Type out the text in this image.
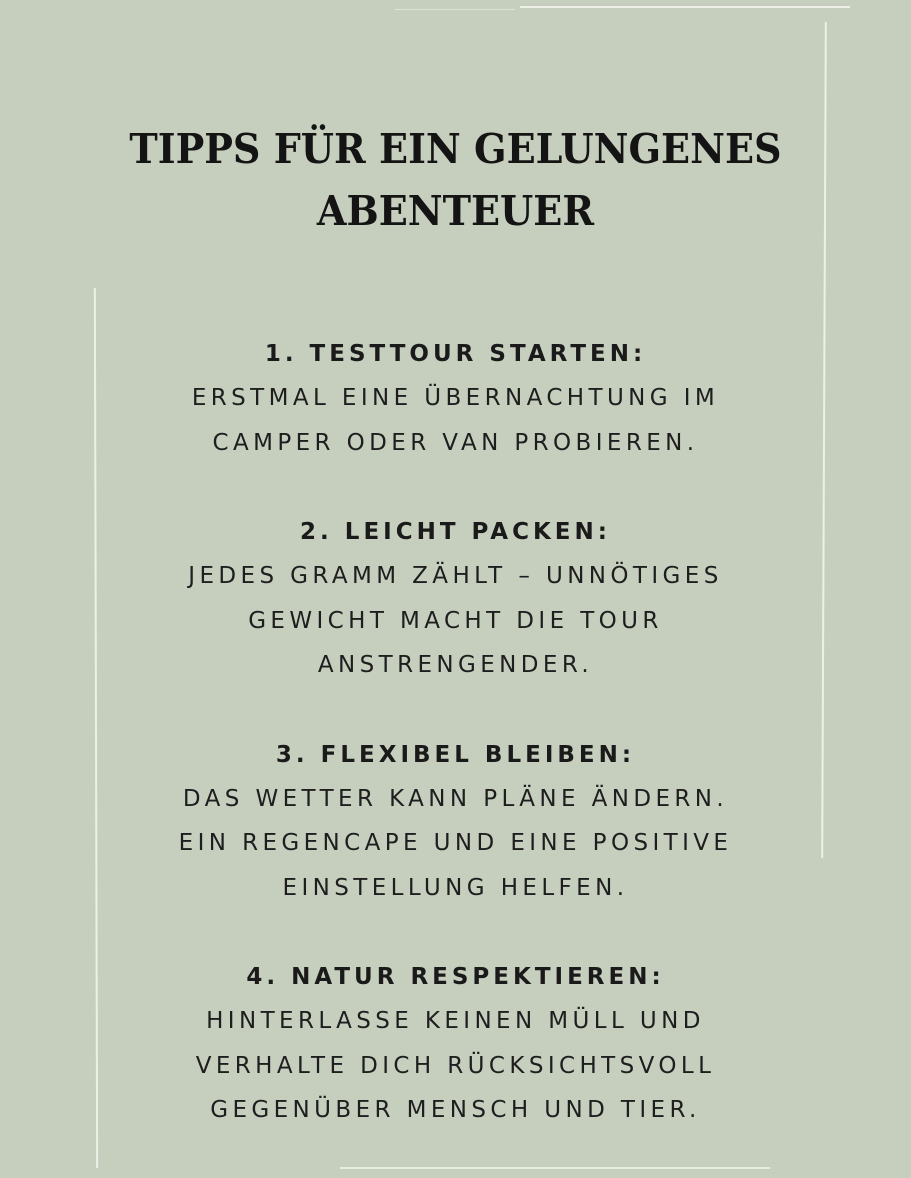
TIPPS FÜR EIN GELUNGENES
ABENTEUER
1. TESTTOUR STARTEN:
ERSTMAL EINE ÜBERNACHTUNG IM
CAMPER ODER VAN PROBIEREN.
2. LEICHT PACKEN:
JEDES GRAMM ZÄHLT – UNNÖTIGES
GEWICHT MACHT DIE TOUR
ANSTRENGENDER.
3. FLEXIBEL BLEIBEN:
DAS WETTER KANN PLÄNE ÄNDERN.
EIN REGENCAPE UND EINE POSITIVE
EINSTELLUNG HELFEN.
4. NATUR RESPEKTIEREN:
HINTERLASSE KEINEN MÜLL UND
VERHALTE DICH RÜCKSICHTSVOLL
GEGENÜBER MENSCH UND TIER.
